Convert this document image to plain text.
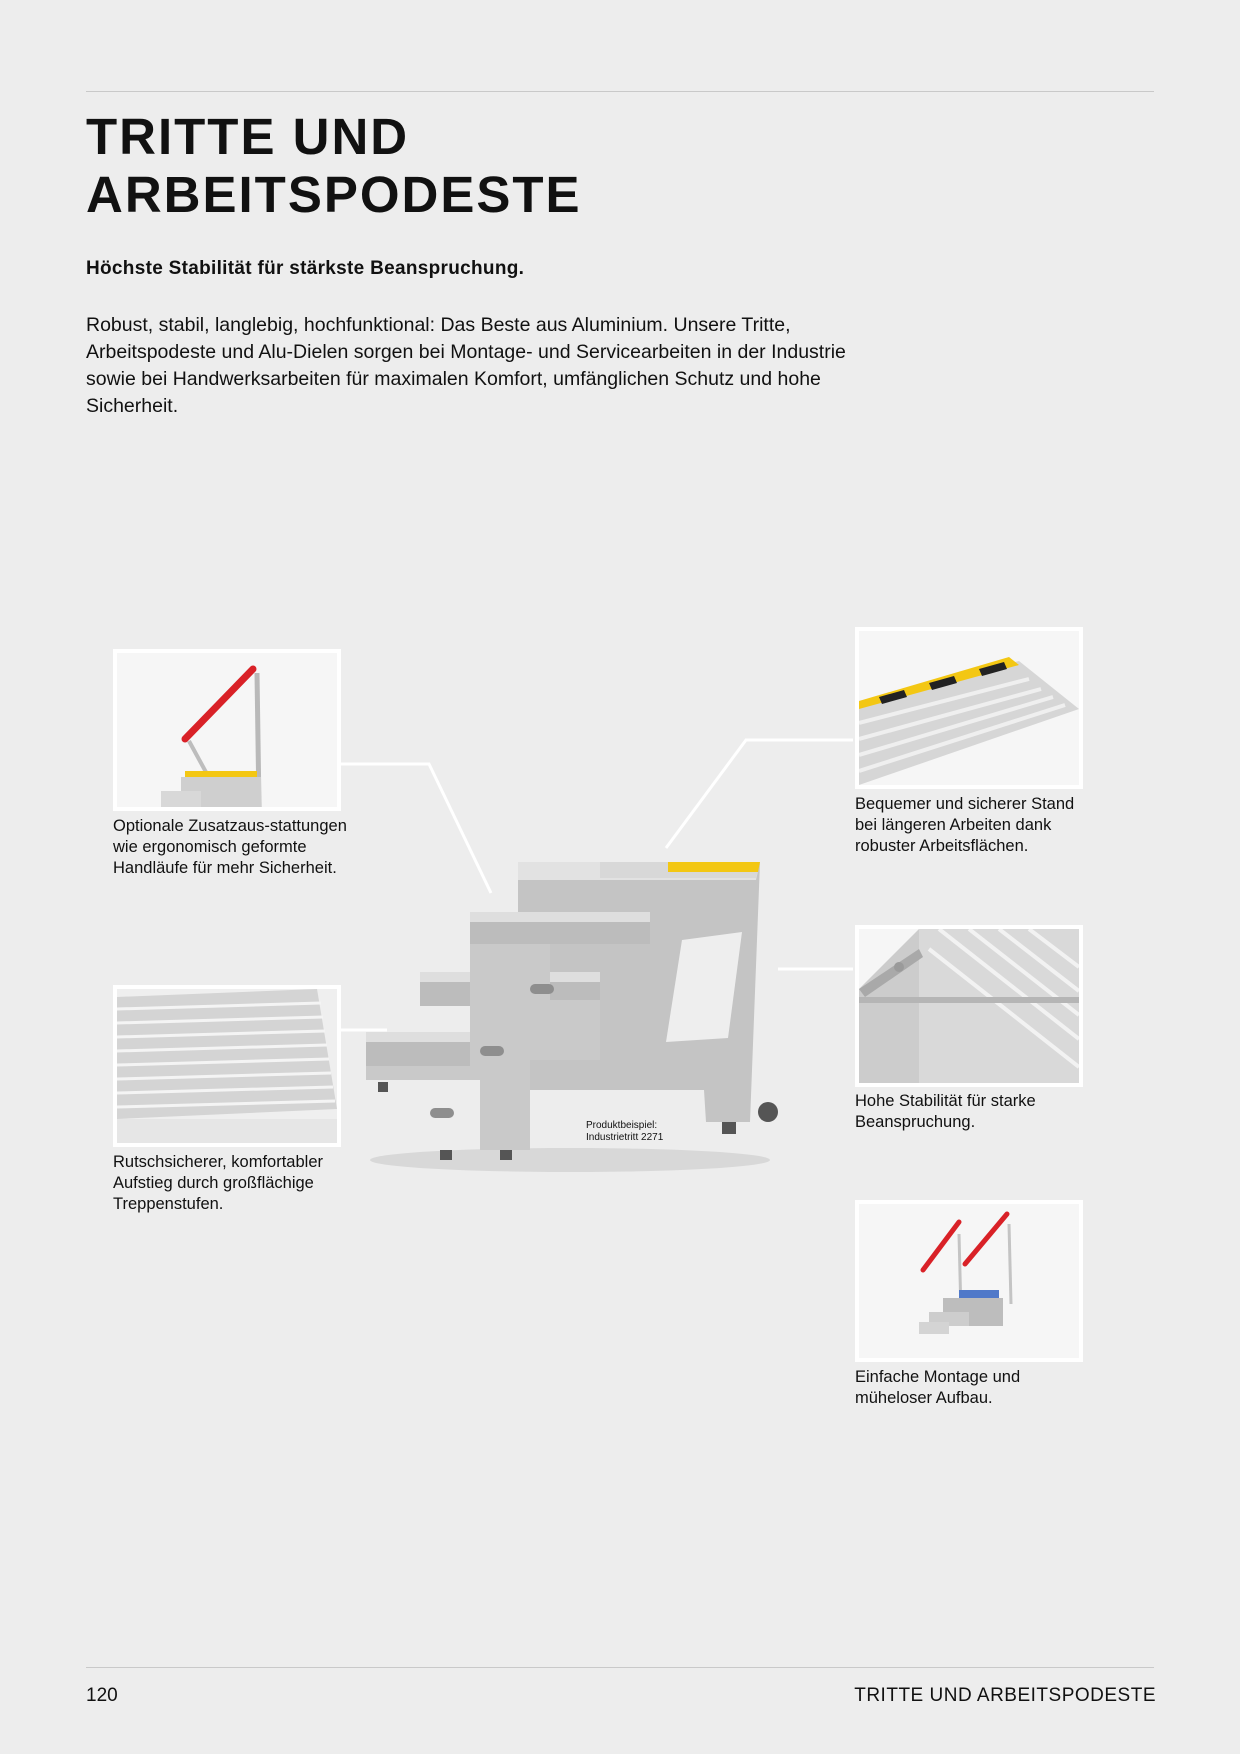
TRITTE UND
ARBEITSPODESTE

Höchste Stabilität für stärkste Beanspruchung.

Robust, stabil, langlebig, hochfunktional: Das Beste aus Aluminium. Unsere Tritte, Arbeitspodeste und Alu-Dielen sorgen bei Montage- und Servicearbeiten in der Industrie sowie bei Handwerksarbeiten für maximalen Komfort, umfänglichen Schutz und hohe Sicherheit.

Optionale Zusatzaus-stattungen wie ergonomisch geformte Handläufe für mehr Sicherheit.

Rutschsicherer, komfortabler Aufstieg durch großflächige Treppenstufen.

Bequemer und sicherer Stand bei längeren Arbeiten dank robuster Arbeitsflächen.

Hohe Stabilität für starke Beanspruchung.

Einfache Montage und müheloser Aufbau.

Produktbeispiel:
Industrietritt 2271

120	TRITTE UND ARBEITSPODESTE
